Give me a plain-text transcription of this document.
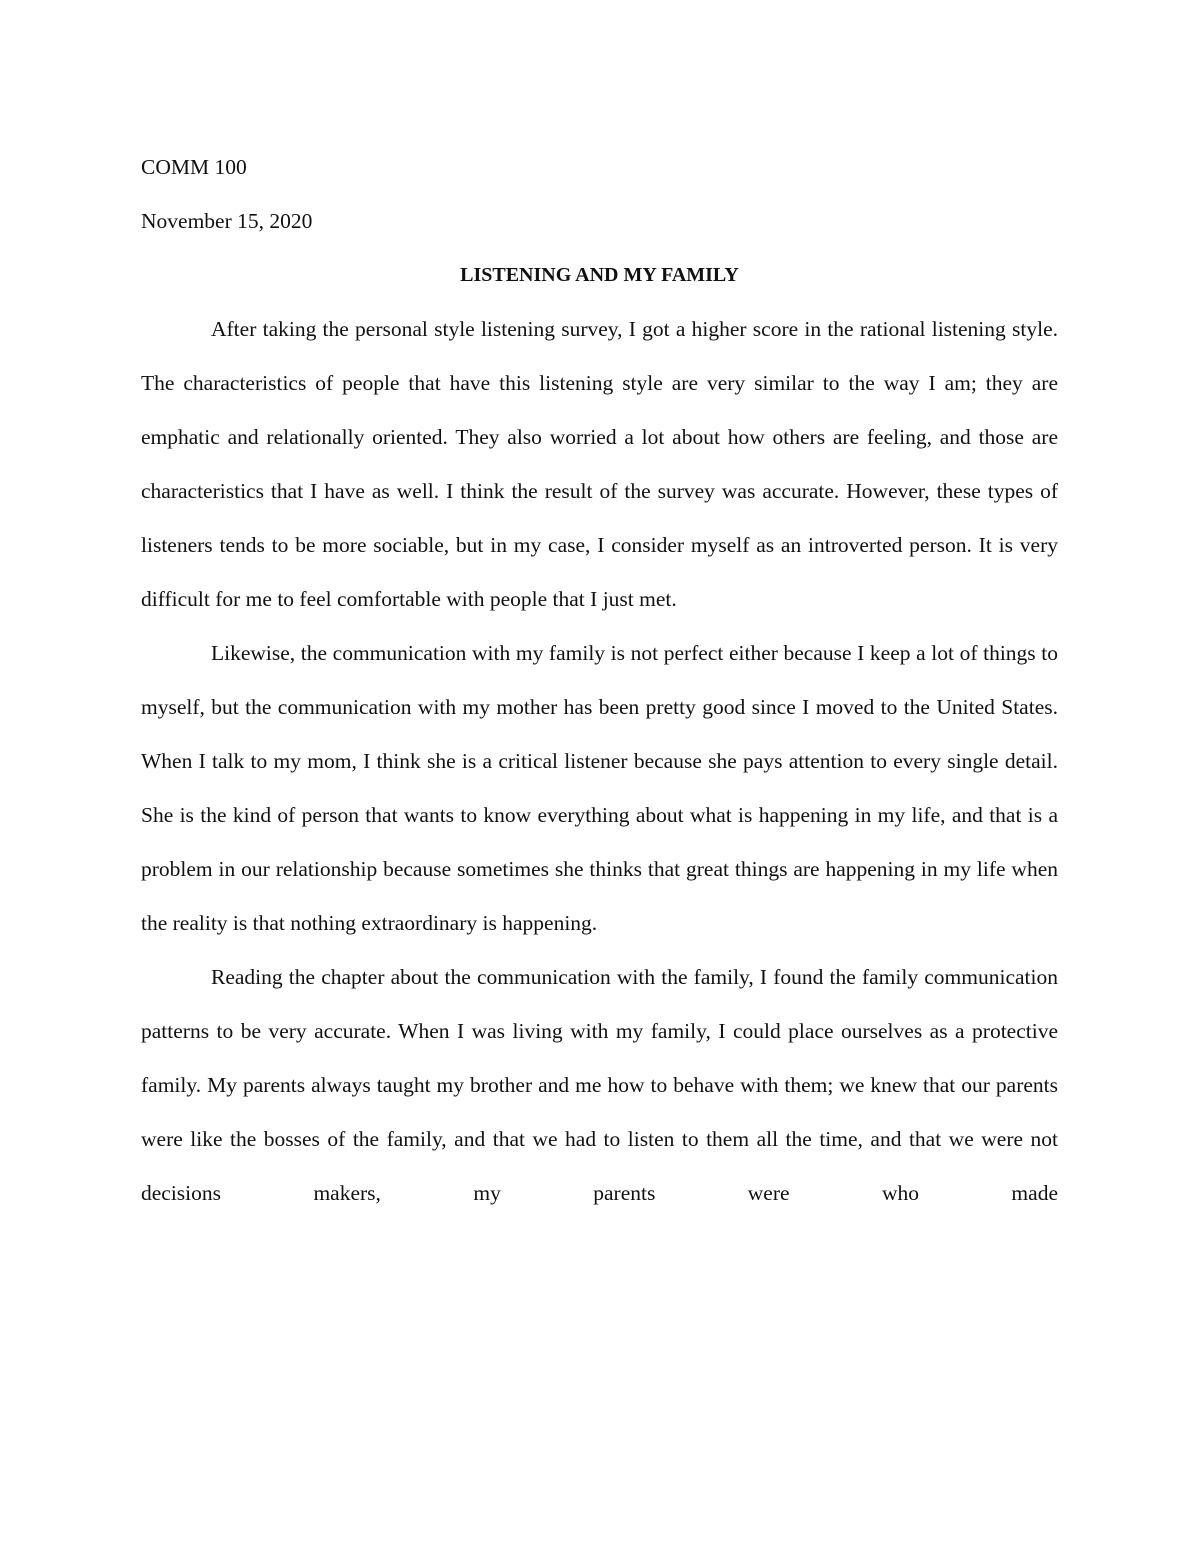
COMM 100

November 15, 2020

LISTENING AND MY FAMILY

After taking the personal style listening survey, I got a higher score in the rational listening style. The characteristics of people that have this listening style are very similar to the way I am; they are emphatic and relationally oriented. They also worried a lot about how others are feeling, and those are characteristics that I have as well. I think the result of the survey was accurate. However, these types of listeners tends to be more sociable, but in my case, I consider myself as an introverted person. It is very difficult for me to feel comfortable with people that I just met.

Likewise, the communication with my family is not perfect either because I keep a lot of things to myself, but the communication with my mother has been pretty good since I moved to the United States. When I talk to my mom, I think she is a critical listener because she pays attention to every single detail. She is the kind of person that wants to know everything about what is happening in my life, and that is a problem in our relationship because sometimes she thinks that great things are happening in my life when the reality is that nothing extraordinary is happening.

Reading the chapter about the communication with the family, I found the family communication patterns to be very accurate. When I was living with my family, I could place ourselves as a protective family. My parents always taught my brother and me how to behave with them; we knew that our parents were like the bosses of the family, and that we had to listen to them all the time, and that we were not decisions makers, my parents were who made
